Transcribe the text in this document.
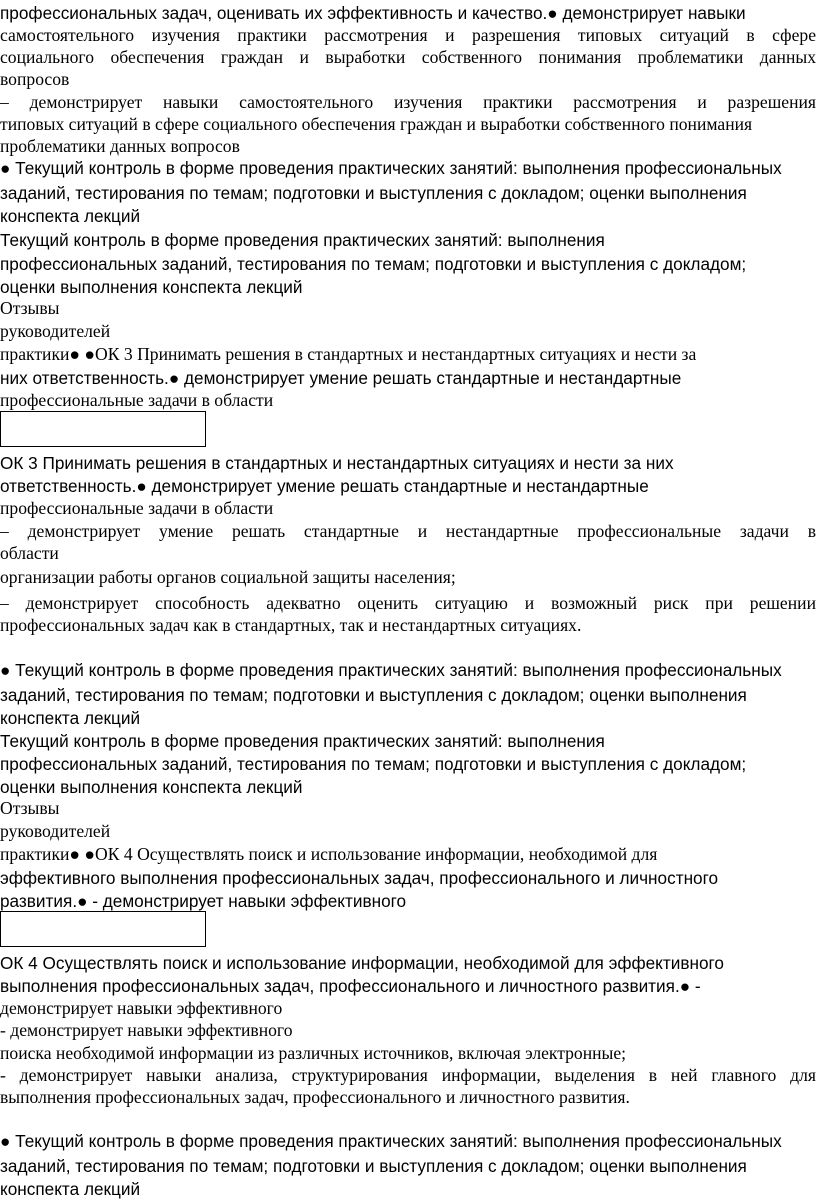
профессиональных задач, оценивать их эффективность и качество.● демонстрирует навыки

самостоятельного изучения практики рассмотрения и разрешения типовых ситуаций в сфере

социального обеспечения граждан и выработки собственного понимания проблематики данных

вопросов

– демонстрирует навыки самостоятельного изучения практики рассмотрения и разрешения

типовых ситуаций в сфере социального обеспечения граждан и выработки собственного понимания

проблематики данных вопросов

● Текущий контроль в форме проведения практических занятий: выполнения профессиональных

заданий, тестирования по темам; подготовки и выступления с докладом; оценки выполнения

конспекта лекций

Текущий контроль в форме проведения практических занятий: выполнения

профессиональных заданий, тестирования по темам; подготовки и выступления с докладом;

оценки выполнения конспекта лекций

Отзывы

руководителей

практики● ●ОК 3 Принимать решения в стандартных и нестандартных ситуациях и нести за

них ответственность.● демонстрирует умение решать стандартные и нестандартные

профессиональные задачи в области

ОК 3 Принимать решения в стандартных и нестандартных ситуациях и нести за них

ответственность.● демонстрирует умение решать стандартные и нестандартные

профессиональные задачи в области

– демонстрирует умение решать стандартные и нестандартные профессиональные задачи в

области

организации работы органов социальной защиты населения;

– демонстрирует способность адекватно оценить ситуацию и возможный риск при решении

профессиональных задач как в стандартных, так и нестандартных ситуациях.

● Текущий контроль в форме проведения практических занятий: выполнения профессиональных

заданий, тестирования по темам; подготовки и выступления с докладом; оценки выполнения

конспекта лекций

Текущий контроль в форме проведения практических занятий: выполнения

профессиональных заданий, тестирования по темам; подготовки и выступления с докладом;

оценки выполнения конспекта лекций

Отзывы

руководителей

практики● ●ОК 4 Осуществлять поиск и использование информации, необходимой для

эффективного выполнения профессиональных задач, профессионального и личностного

развития.● - демонстрирует навыки эффективного

ОК 4 Осуществлять поиск и использование информации, необходимой для эффективного

выполнения профессиональных задач, профессионального и личностного развития.● -

демонстрирует навыки эффективного

- демонстрирует навыки эффективного

поиска необходимой информации из различных источников, включая электронные;

- демонстрирует навыки анализа, структурирования информации, выделения в ней главного для

выполнения профессиональных задач, профессионального и личностного развития.

● Текущий контроль в форме проведения практических занятий: выполнения профессиональных

заданий, тестирования по темам; подготовки и выступления с докладом; оценки выполнения

конспекта лекций
